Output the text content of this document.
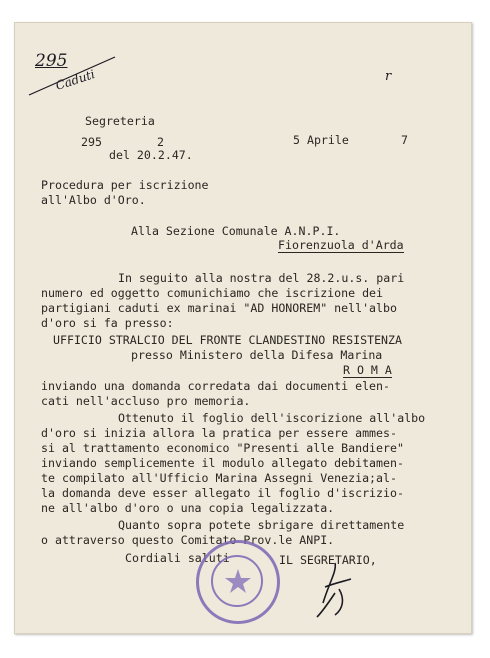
295
Caduti	r
Segreteria
295	2	5 Aprile	7
del 20.2.47.
Procedura per iscrizione
all'Albo d'Oro.
Alla Sezione Comunale A.N.P.I.
Fiorenzuola d'Arda
In seguito alla nostra del 28.2.u.s. pari
numero ed oggetto comunichiamo che iscrizione dei
partigiani caduti ex marinai "AD HONOREM" nell'albo
d'oro si fa presso:
UFFICIO STRALCIO DEL FRONTE CLANDESTINO RESISTENZA
presso Ministero della Difesa Marina
R O M A
inviando una domanda corredata dai documenti elen-
cati nell'accluso pro memoria.
Ottenuto il foglio dell'iscorizione all'albo
d'oro si inizia allora la pratica per essere ammes-
si al trattamento economico "Presenti alle Bandiere"
inviando semplicemente il modulo allegato debitamen-
te compilato all'Ufficio Marina Assegni Venezia;al-
la domanda deve esser allegato il foglio d'iscrizio-
ne all'albo d'oro o una copia legalizzata.
Quanto sopra potete sbrigare direttamente
o attraverso questo Comitato Prov.le ANPI.
Cordiali saluti	IL SEGRETARIO,
